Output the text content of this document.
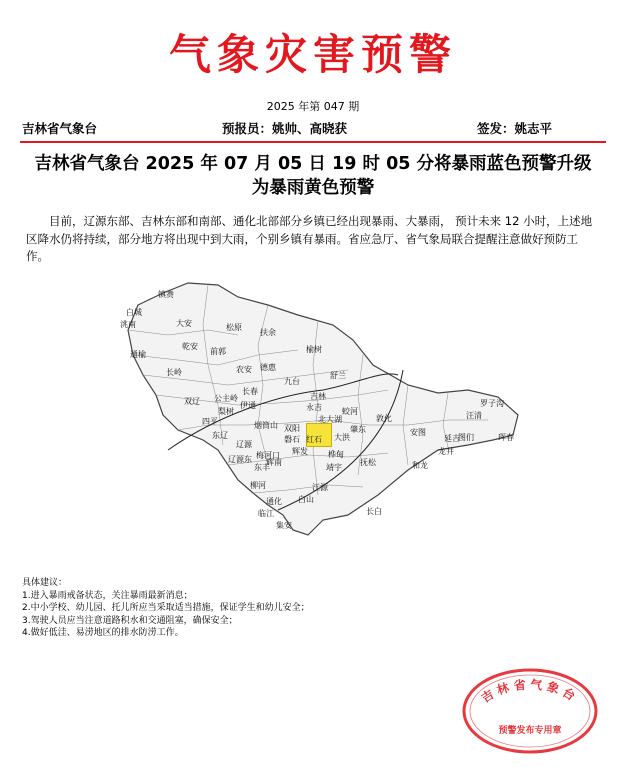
气象灾害预警
2025 年第 047 期
吉林省气象台	预报员：姚帅、高晓获	签发：姚志平
吉林省气象台 2025 年 07 月 05 日 19 时 05 分将暴雨蓝色预警升级为暴雨黄色预警
目前，辽源东部、吉林东部和南部、通化北部部分乡镇已经出现暴雨、大暴雨， 预计未来 12 小时，上述地区降水仍将持续，部分地方将出现中到大雨，个别乡镇有暴雨。省应急厅、省气象局联合提醒注意做好预防工作。
镇赉
洮南
白城
大安
乾安
通榆
松原
扶余
前郭
长岭
德惠
榆树
农安
舒兰
九台
长春
双辽 公主岭
伊通
四平
梨树
东丰
辽源
梅河口
东辽
吉林
永吉	蛟河
桦甸
磐石
辉南
柳河
通化
集安
白山
临江
靖宇
抚松
江源
长白
安图
敦化
和龙
汪清
图们
龙井
延吉	珲春
罗子沟
双阳
烟筒山
北大湖
红石
肇东
辽源东
大洪
辉发
具体建议：
1.进入暴雨戒备状态，关注暴雨最新消息；
2.中小学校、幼儿园、托儿所应当采取适当措施，保证学生和幼儿安全；
3.驾驶人员应当注意道路积水和交通阻塞，确保安全；
4.做好低洼、易涝地区的排水防涝工作。
吉林省气象台
预警发布专用章
